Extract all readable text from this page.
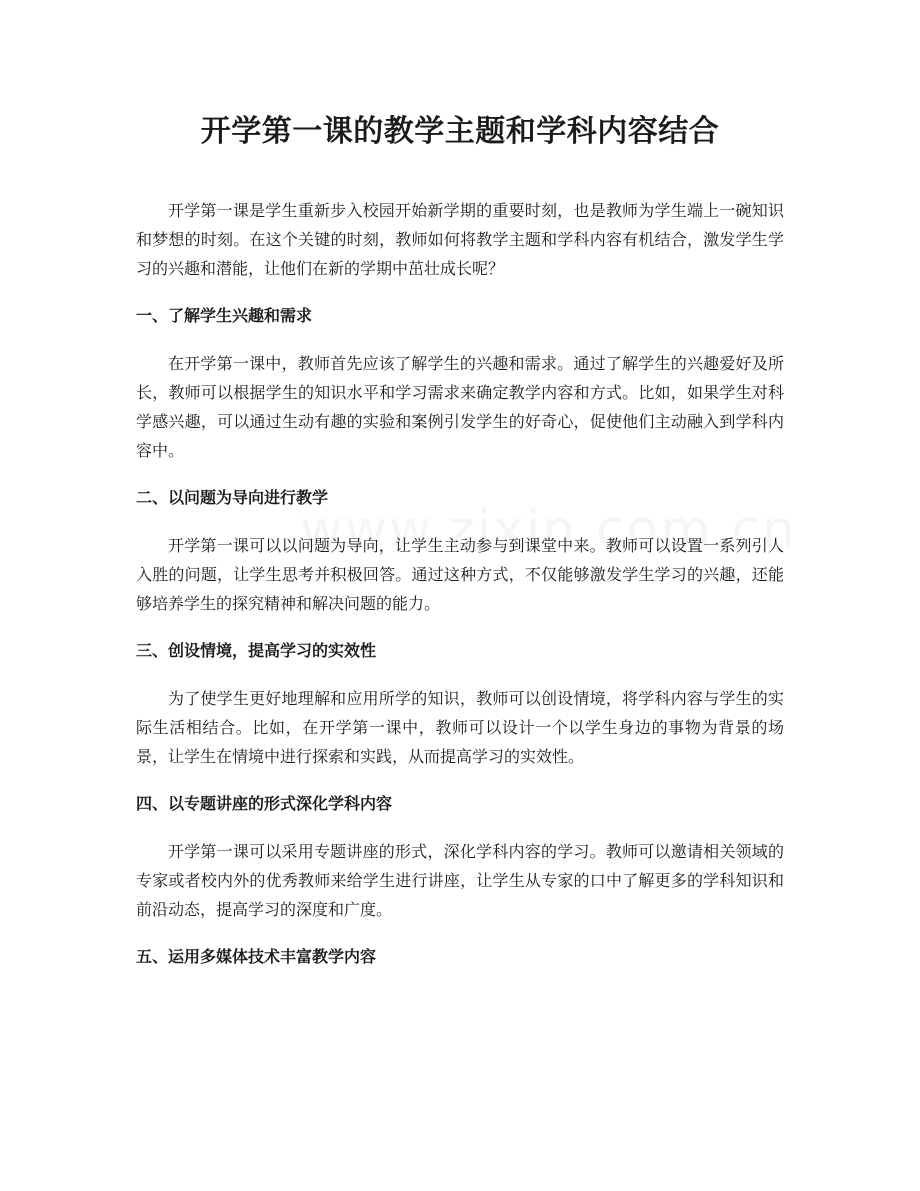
开学第一课的教学主题和学科内容结合

开学第一课是学生重新步入校园开始新学期的重要时刻，也是教师为学生端上一碗知识和梦想的时刻。在这个关键的时刻，教师如何将教学主题和学科内容有机结合，激发学生学习的兴趣和潜能，让他们在新的学期中茁壮成长呢？

一、了解学生兴趣和需求

在开学第一课中，教师首先应该了解学生的兴趣和需求。通过了解学生的兴趣爱好及所长，教师可以根据学生的知识水平和学习需求来确定教学内容和方式。比如，如果学生对科学感兴趣，可以通过生动有趣的实验和案例引发学生的好奇心，促使他们主动融入到学科内容中。

二、以问题为导向进行教学

开学第一课可以以问题为导向，让学生主动参与到课堂中来。教师可以设置一系列引人入胜的问题，让学生思考并积极回答。通过这种方式，不仅能够激发学生学习的兴趣，还能够培养学生的探究精神和解决问题的能力。

三、创设情境，提高学习的实效性

为了使学生更好地理解和应用所学的知识，教师可以创设情境，将学科内容与学生的实际生活相结合。比如，在开学第一课中，教师可以设计一个以学生身边的事物为背景的场景，让学生在情境中进行探索和实践，从而提高学习的实效性。

四、以专题讲座的形式深化学科内容

开学第一课可以采用专题讲座的形式，深化学科内容的学习。教师可以邀请相关领域的专家或者校内外的优秀教师来给学生进行讲座，让学生从专家的口中了解更多的学科知识和前沿动态，提高学习的深度和广度。

五、运用多媒体技术丰富教学内容
